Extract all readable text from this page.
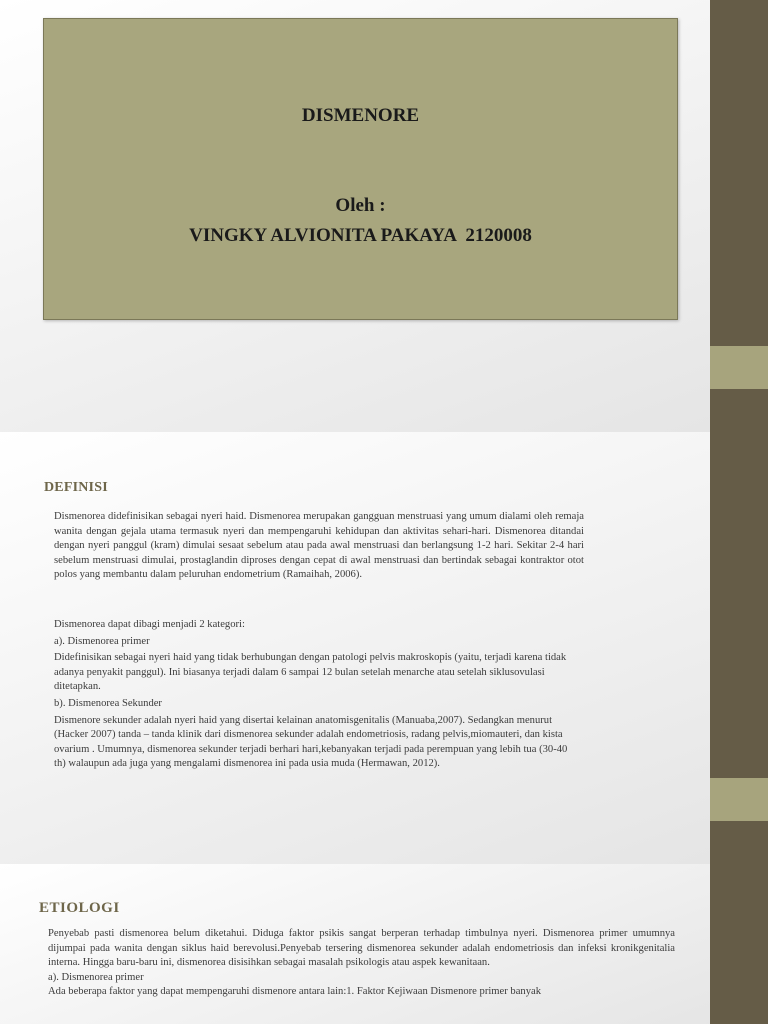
DISMENORE
Oleh :
VINGKY ALVIONITA PAKAYA  2120008
DEFINISI
Dismenorea didefinisikan sebagai nyeri haid. Dismenorea merupakan gangguan menstruasi yang umum dialami oleh remaja wanita dengan gejala utama termasuk nyeri dan mempengaruhi kehidupan dan aktivitas sehari-hari. Dismenorea ditandai dengan nyeri panggul (kram) dimulai sesaat sebelum atau pada awal menstruasi dan berlangsung 1-2 hari. Sekitar 2-4 hari sebelum menstruasi dimulai, prostaglandin diproses dengan cepat di awal menstruasi dan bertindak sebagai kontraktor otot polos yang membantu dalam peluruhan endometrium (Ramaihah, 2006).

Dismenorea dapat dibagi menjadi 2 kategori:

a). Dismenorea primer

Didefinisikan sebagai nyeri haid yang tidak berhubungan dengan patologi pelvis makroskopis (yaitu, terjadi karena tidak adanya penyakit panggul). Ini biasanya terjadi dalam 6 sampai 12 bulan setelah menarche atau setelah siklusovulasi ditetapkan.

b). Dismenorea Sekunder

Dismenore sekunder adalah nyeri haid yang disertai kelainan anatomisgenitalis (Manuaba,2007). Sedangkan menurut (Hacker 2007) tanda – tanda klinik dari dismenorea sekunder adalah endometriosis, radang pelvis,miomauteri, dan kista ovarium . Umumnya, dismenorea sekunder terjadi berhari hari,kebanyakan terjadi pada perempuan yang lebih tua (30-40 th) walaupun ada juga yang mengalami dismenorea ini pada usia muda (Hermawan, 2012).

ETIOLOGI

Penyebab pasti dismenorea belum diketahui. Diduga faktor psikis sangat berperan terhadap timbulnya nyeri. Dismenorea primer umumnya dijumpai pada wanita dengan siklus haid berevolusi.Penyebab tersering dismenorea sekunder adalah endometriosis dan infeksi kronikgenitalia interna. Hingga baru-baru ini, dismenorea disisihkan sebagai masalah psikologis atau aspek kewanitaan.

a). Dismenorea primer

Ada beberapa faktor yang dapat mempengaruhi dismenore antara lain:1. Faktor Kejiwaan Dismenore primer banyak
